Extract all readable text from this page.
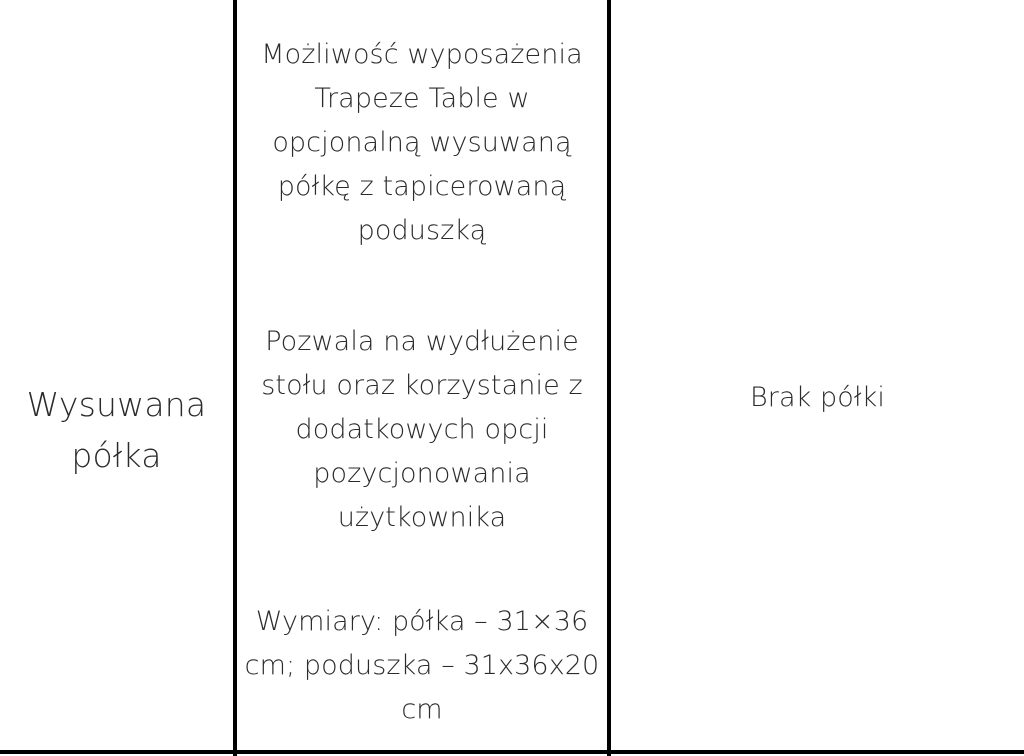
Wysuwana półka
Możliwość wyposażenia Trapeze Table w opcjonalną wysuwaną półkę z tapicerowaną poduszką
Pozwala na wydłużenie stołu oraz korzystanie z dodatkowych opcji pozycjonowania użytkownika
Wymiary: półka – 31×36 cm; poduszka – 31x36x20 cm
Brak półki
